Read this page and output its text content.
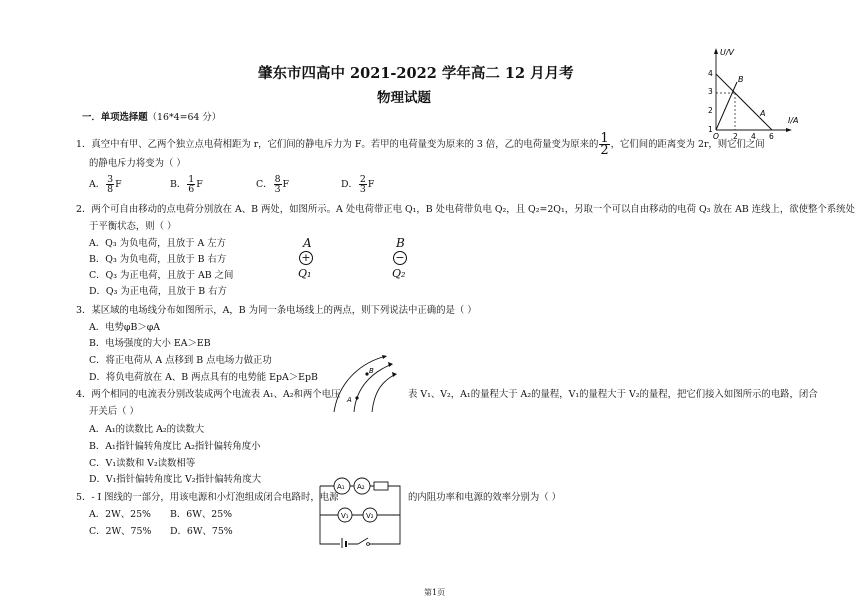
肇东市四高中 2021-2022 学年高二 12 月月考
物理试题
一．单项选择题（16*4=64 分）
1．真空中有甲、乙两个独立点电荷相距为 r，它们间的静电斥力为 F。若甲的电荷量变为原来的 3 倍，乙的电荷量变为原来的 $\frac{1}{2}$ ，它们间的距离变为 2r，则它们之间
的静电斥力将变为（ ）
A． $\frac{3}{8}$ F	B． $\frac{1}{6}$ F	C． $\frac{8}{3}$ F	D． $\frac{2}{3}$ F
2．两个可自由移动的点电荷分别放在 A、B 两处，如图所示。A 处电荷带正电 Q₁，B 处电荷带负电 Q₂，且 Q₂=2Q₁，另取一个可以自由移动的电荷 Q₃ 放在 AB 连线上，欲使整个系统处
于平衡状态，则（ ）
A．Q₃ 为负电荷，且放于 A 左方
B．Q₃ 为负电荷，且放于 B 右方
C．Q₃ 为正电荷，且放于 AB 之间
D．Q₃ 为正电荷，且放于 B 右方
A	B
+	−
Q₁	Q₂
3．某区域的电场线分布如图所示，A，B 为同一条电场线上的两点，则下列说法中正确的是（ ）
A．电势φB＞φA
B．电场强度的大小 EA＞EB
C．将正电荷从 A 点移到 B 点电场力做正功
D．将负电荷放在 A、B 两点具有的电势能 EpA＞EpB
B
A
4．两个相同的电流表分别改装成两个电流表 A₁、A₂和两个电压	表 V₁、V₂，A₁的量程大于 A₂的量程，V₁的量程大于 V₂的量程，把它们接入如图所示的电路，闭合
开关后（ ）
A．A₁的读数比 A₂的读数大
B．A₁指针偏转角度比 A₂指针偏转角度小
C．V₁读数和 V₂读数相等
D．V₁指针偏转角度比 V₂指针偏转角度大
A₁ A₂
V₁ V₂
5．- I 图线的一部分，用该电源和小灯泡组成闭合电路时，电源	的内阻功率和电源的效率分别为（ ）
A．2W、25% B．6W、25%
C．2W、75% D．6W、75%
U/V
I/A
O
1
2
3
4
2 4 6
B
A
第1页
